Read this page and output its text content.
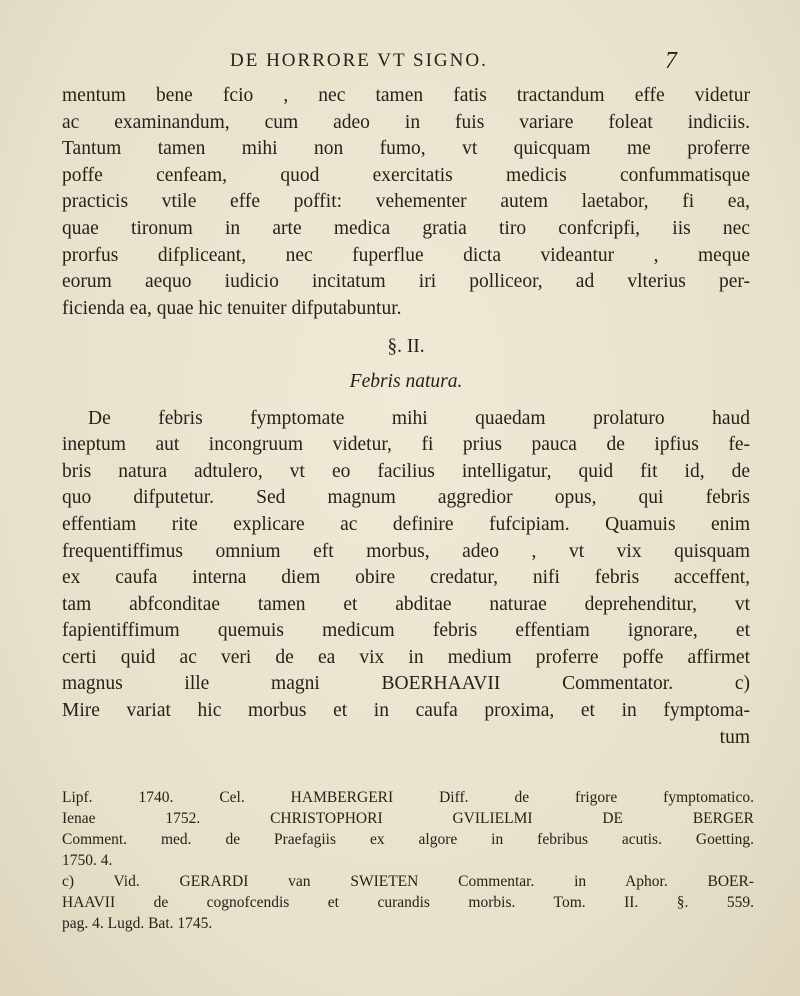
DE HORRORE VT SIGNO.	7
mentum bene fcio , nec tamen fatis tractandum effe videtur
ac examinandum, cum adeo in fuis variare foleat indiciis.
Tantum tamen mihi non fumo, vt quicquam me proferre
poffe cenfeam, quod exercitatis medicis confummatisque
practicis vtile effe poffit: vehementer autem laetabor, fi ea,
quae tironum in arte medica gratia tiro confcripfi, iis nec
prorfus difpliceant, nec fuperflue dicta videantur , meque
eorum aequo iudicio incitatum iri polliceor, ad vlterius per-
ficienda ea, quae hic tenuiter difputabuntur.
§. II.
Febris natura.
De febris fymptomate mihi quaedam prolaturo haud
ineptum aut incongruum videtur, fi prius pauca de ipfius fe-
bris natura adtulero, vt eo facilius intelligatur, quid fit id, de
quo difputetur. Sed magnum aggredior opus, qui febris
effentiam rite explicare ac definire fufcipiam. Quamuis enim
frequentiffimus omnium eft morbus, adeo , vt vix quisquam
ex caufa interna diem obire credatur, nifi febris acceffent,
tam abfconditae tamen et abditae naturae deprehenditur, vt
fapientiffimum quemuis medicum febris effentiam ignorare, et
certi quid ac veri de ea vix in medium proferre poffe affirmet
magnus ille magni BOERHAAVII Commentator. c)
Mire variat hic morbus et in caufa proxima, et in fymptoma-
tum
Lipf. 1740. Cel. HAMBERGERI Diff. de frigore fymptomatico.
Ienae 1752. CHRISTOPHORI GVILIELMI DE BERGER
Comment. med. de Praefagiis ex algore in febribus acutis. Goetting.
1750. 4.
c) Vid. GERARDI van SWIETEN Commentar. in Aphor. BOER-
HAAVII de cognofcendis et curandis morbis. Tom. II. §. 559.
pag. 4. Lugd. Bat. 1745.
